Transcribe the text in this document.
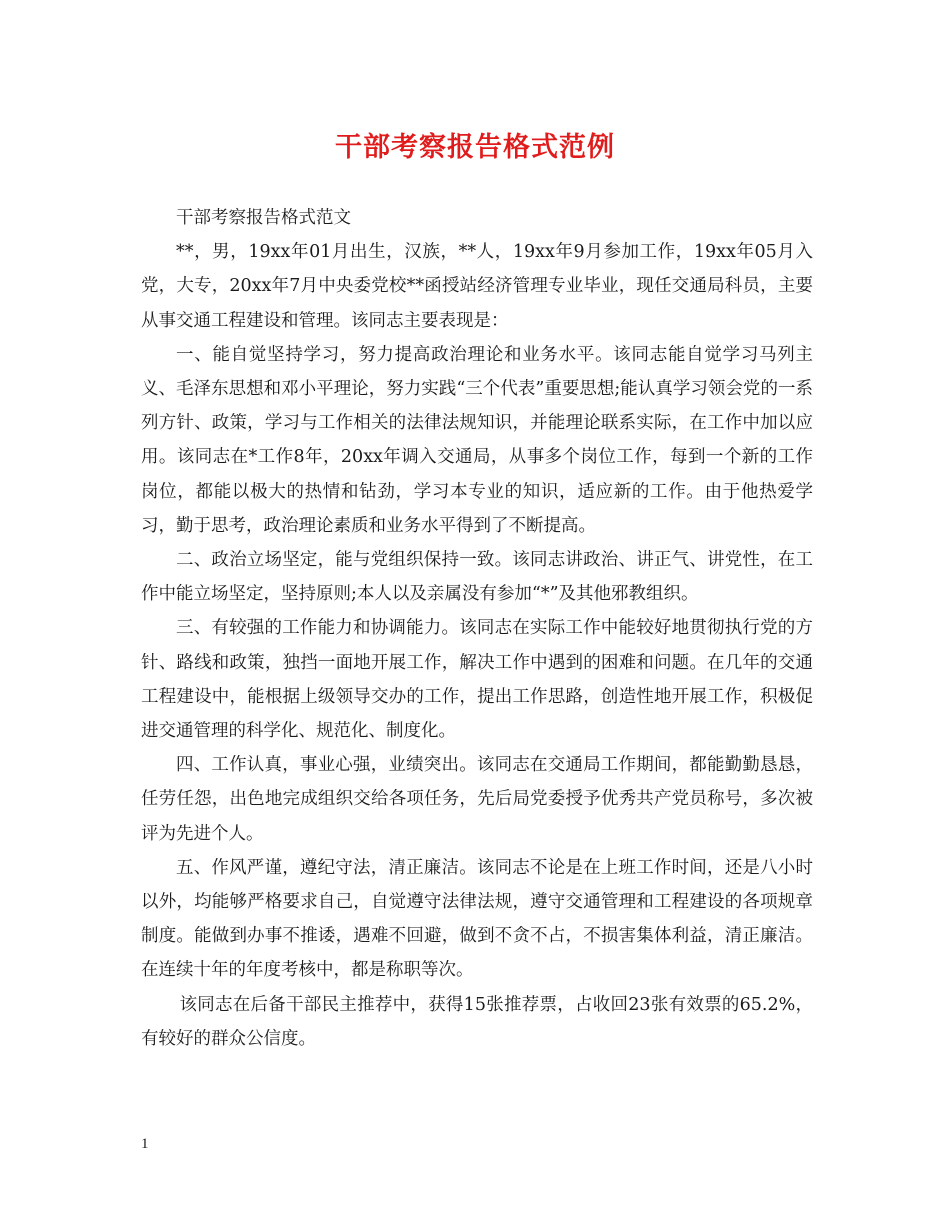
干部考察报告格式范例

干部考察报告格式范文

**，男，19xx年01月出生，汉族，**人，19xx年9月参加工作，19xx年05月入党，大专，20xx年7月中央委党校**函授站经济管理专业毕业，现任交通局科员，主要从事交通工程建设和管理。该同志主要表现是：

一、能自觉坚持学习，努力提高政治理论和业务水平。该同志能自觉学习马列主义、毛泽东思想和邓小平理论，努力实践“三个代表”重要思想;能认真学习领会党的一系列方针、政策，学习与工作相关的法律法规知识，并能理论联系实际，在工作中加以应用。该同志在*工作8年，20xx年调入交通局，从事多个岗位工作，每到一个新的工作岗位，都能以极大的热情和钻劲，学习本专业的知识，适应新的工作。由于他热爱学习，勤于思考，政治理论素质和业务水平得到了不断提高。

二、政治立场坚定，能与党组织保持一致。该同志讲政治、讲正气、讲党性，在工作中能立场坚定，坚持原则;本人以及亲属没有参加“*”及其他邪教组织。

三、有较强的工作能力和协调能力。该同志在实际工作中能较好地贯彻执行党的方针、路线和政策，独挡一面地开展工作，解决工作中遇到的困难和问题。在几年的交通工程建设中，能根据上级领导交办的工作，提出工作思路，创造性地开展工作，积极促进交通管理的科学化、规范化、制度化。

四、工作认真，事业心强，业绩突出。该同志在交通局工作期间，都能勤勤恳恳，任劳任怨，出色地完成组织交给各项任务，先后局党委授予优秀共产党员称号，多次被评为先进个人。

五、作风严谨，遵纪守法，清正廉洁。该同志不论是在上班工作时间，还是八小时以外，均能够严格要求自己，自觉遵守法律法规，遵守交通管理和工程建设的各项规章制度。能做到办事不推诿，遇难不回避，做到不贪不占，不损害集体利益，清正廉洁。  在连续十年的年度考核中，都是称职等次。

该同志在后备干部民主推荐中，获得15张推荐票，占收回23张有效票的65.2%，有较好的群众公信度。

1
